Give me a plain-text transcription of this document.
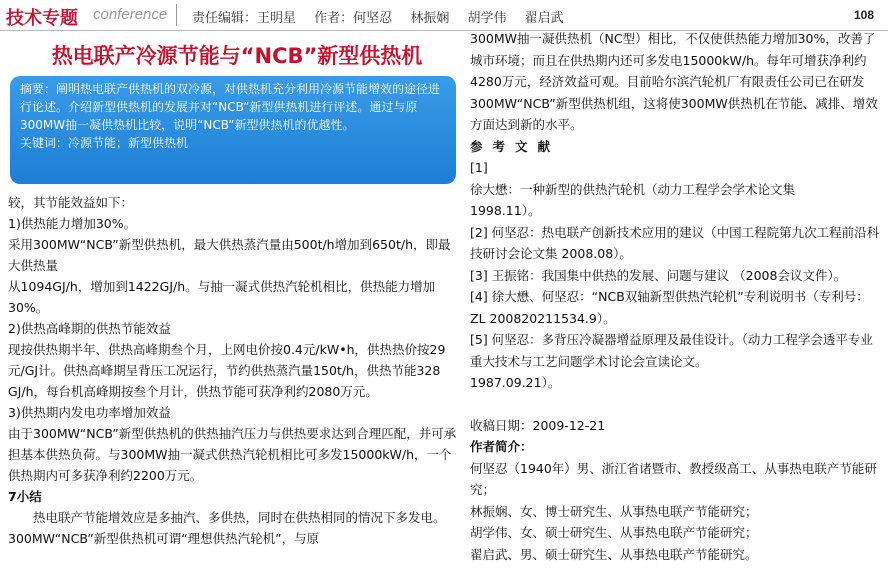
技术专题 conference 责任编辑：王明星 作者：何坚忍 林振娴 胡学伟 翟启武	108
热电联产冷源节能与“NCB”新型供热机

摘要：阐明热电联产供热机的双冷源，对供热机充分利用冷源节能增效的途径进行论述。介绍新型供热机的发展并对“NCB”新型供热机进行评述。通过与原300MW抽一凝供热机比较，说明“NCB”新型供热机的优越性。

关键词：冷源节能；新型供热机

较，其节能效益如下：

1)供热能力增加30%。

采用300MW“NCB”新型供热机，最大供热蒸汽量由500t/h增加到650t/h，即最大供热量

从1094GJ/h，增加到1422GJ/h。与抽一凝式供热汽轮机相比，供热能力增加30%。

2)供热高峰期的供热节能效益

现按供热期半年、供热高峰期叁个月，上网电价按0.4元/kW•h，供热热价按29元/GJ计。供热高峰期呈背压工况运行，节约供热蒸汽量150t/h，供热节能328

GJ/h，每台机高峰期按叁个月计，供热节能可获净利约2080万元。

3)供热期内发电功率增加效益

由于300MW“NCB”新型供热机的供热抽汽压力与供热要求达到合理匹配，并可承担基本供热负荷。与300MW抽一凝式供热汽轮机相比可多发15000kW/h，一个供热期内可多获净利约2200万元。

7小结

热电联产节能增效应是多抽汽、多供热，同时在供热相同的情况下多发电。300MW“NCB”新型供热机可谓“理想供热汽轮机”，与原

300MW抽一凝供热机（NC型）相比，不仅使供热能力增加30%，改善了城市环境；而且在供热期内还可多发电15000kW/h。每年可增获净利约4280万元，经济效益可观。目前哈尔滨汽轮机厂有限责任公司已在研发300MW“NCB”新型供热机组，这将使300MW供热机在节能、减排、增效方面达到新的水平。

参考文献

[1]

徐大懋：一种新型的供热汽轮机（动力工程学会学术论文集

1998.11）。

[2] 何坚忍：热电联产创新技术应用的建议（中国工程院第九次工程前沿科技研讨会论文集 2008.08）。

[3] 王振铭：我国集中供热的发展、问题与建议 （2008会议文件）。

[4] 徐大懋、何坚忍：“NCB双轴新型供热汽轮机”专利说明书（专利号：ZL 200820211534.9）。

[5] 何坚忍：多背压冷凝器增益原理及最佳设计。（动力工程学会透平专业重大技术与工艺问题学术讨论会宣读论文。

1987.09.21）。

收稿日期：2009-12-21

作者简介：

何坚忍（1940年）男、浙江省诸暨市、教授级高工、从事热电联产节能研究；

林振娴、女、博士研究生、从事热电联产节能研究；

胡学伟、女、硕士研究生、从事热电联产节能研究；

翟启武、男、硕士研究生、从事热电联产节能研究。
